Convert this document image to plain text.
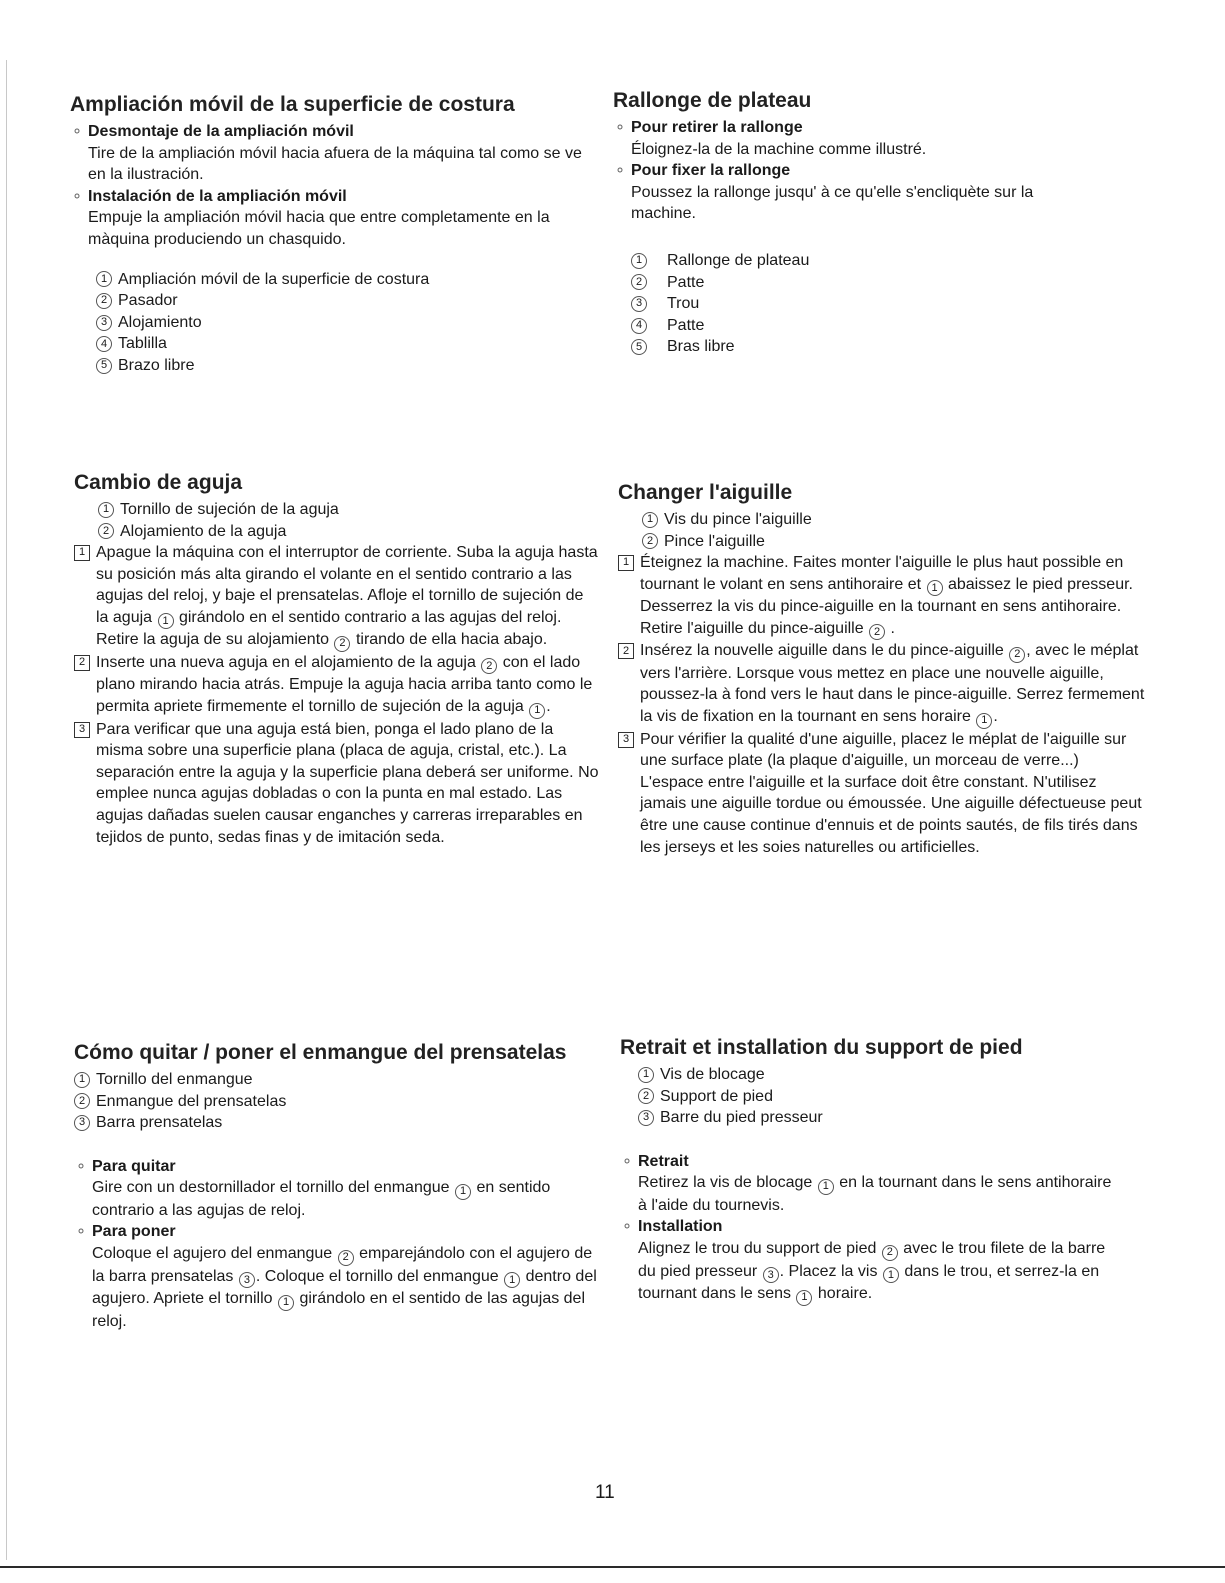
Ampliación móvil de la superficie de costura
∘ Desmontaje de la ampliación móvil
Tire de la ampliación móvil hacia afuera de la máquina tal como se ve en la ilustración.
∘ Instalación de la ampliación móvil
Empuje la ampliación móvil hacia que entre completamente en la màquina produciendo un chasquido.
1 Ampliación móvil de la superficie de costura
2 Pasador
3 Alojamiento
4 Tablilla
5 Brazo libre
Rallonge de plateau
∘ Pour retirer la rallonge
Éloignez-la de la machine comme illustré.
∘ Pour fixer la rallonge
Poussez la rallonge jusqu' à ce qu'elle s'encliquète sur la machine.
1	Rallonge de plateau
2	Patte
3	Trou
4	Patte
5	Bras libre
Cambio de aguja
1 Tornillo de sujeción de la aguja
2 Alojamiento de la aguja
1 Apague la máquina con el interruptor de corriente. Suba la aguja hasta su posición más alta girando el volante en el sentido contrario a las agujas del reloj, y baje el prensatelas. Afloje el tornillo de sujeción de la aguja 1 girándolo en el sentido contrario a las agujas del reloj. Retire la aguja de su alojamiento 2 tirando de ella hacia abajo.
2 Inserte una nueva aguja en el alojamiento de la aguja 2 con el lado plano mirando hacia atrás. Empuje la aguja hacia arriba tanto como le permita apriete firmemente el tornillo de sujeción de la aguja 1 .
3 Para verificar que una aguja está bien, ponga el lado plano de la misma sobre una superficie plana (placa de aguja, cristal, etc.). La separación entre la aguja y la superficie plana deberá ser uniforme. No emplee nunca agujas dobladas o con la punta en mal estado. Las agujas dañadas suelen causar enganches y carreras irreparables en tejidos de punto, sedas finas y de imitación seda.
Changer l'aiguille
1 Vis du pince l'aiguille
2 Pince l'aiguille
1 Éteignez la machine. Faites monter l'aiguille le plus haut possible en tournant le volant en sens antihoraire et 1 abaissez le pied presseur. Desserrez la vis du pince-aiguille en la tournant en sens antihoraire. Retire l'aiguille du pince-aiguille 2 .
2 Insérez la nouvelle aiguille dans le du pince-aiguille 2 , avec le méplat vers l'arrière. Lorsque vous mettez en place une nouvelle aiguille, poussez-la à fond vers le haut dans le pince-aiguille. Serrez fermement la vis de fixation en la tournant en sens horaire 1 .
3 Pour vérifier la qualité d'une aiguille, placez le méplat de l'aiguille sur une surface plate (la plaque d'aiguille, un morceau de verre...) L'espace entre l'aiguille et la surface doit être constant. N'utilisez jamais une aiguille tordue ou émoussée. Une aiguille défectueuse peut être une cause continue d'ennuis et de points sautés, de fils tirés dans les jerseys et les soies naturelles ou artificielles.
Cómo quitar / poner el enmangue del prensatelas
1 Tornillo del enmangue
2 Enmangue del prensatelas
3 Barra prensatelas
∘ Para quitar
Gire con un destornillador el tornillo del enmangue 1 en sentido contrario a las agujas de reloj.
∘ Para poner
Coloque el agujero del enmangue 2 emparejándolo con el agujero de la barra prensatelas 3 . Coloque el tornillo del enmangue 1 dentro del agujero. Apriete el tornillo 1 girándolo en el sentido de las agujas del reloj.
Retrait et installation du support de pied
1 Vis de blocage
2 Support de pied
3 Barre du pied presseur
∘ Retrait
Retirez la vis de blocage 1 en la tournant dans le sens antihoraire à l'aide du tournevis.
∘ Installation
Alignez le trou du support de pied 2 avec le trou filete de la barre du pied presseur 3 . Placez la vis 1 dans le trou, et serrez-la en tournant dans le sens 1 horaire.
11
